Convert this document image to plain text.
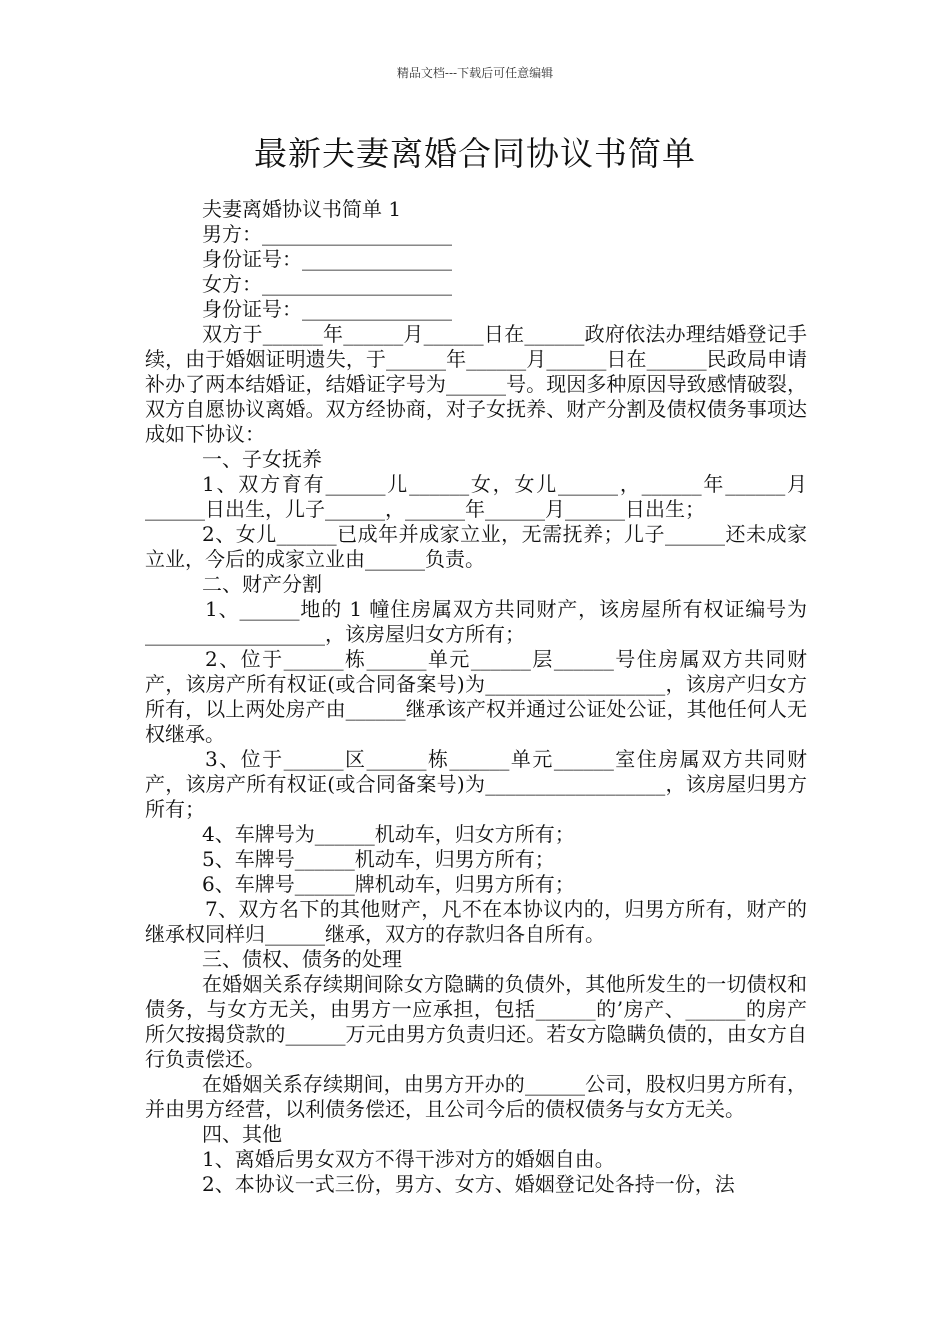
精品文档---下载后可任意编辑
最新夫妻离婚合同协议书简单

夫妻离婚协议书简单 1

男方：___________________

身份证号：_______________

女方：___________________

身份证号：_______________

双方于______年______月______日在______政府依法办理结婚登记手续，由于婚姻证明遗失，于______年______月______日在______民政局申请补办了两本结婚证，结婚证字号为______号。现因多种原因导致感情破裂，双方自愿协议离婚。双方经协商，对子女抚养、财产分割及债权债务事项达成如下协议：

一、子女抚养

1、双方育有______儿______女，女儿______，______年______月______日出生，儿子______，______年______月______日出生；

2、女儿______已成年并成家立业，无需抚养；儿子______还未成家立业，今后的成家立业由______负责。

二、财产分割

1、______地的 1 幢住房属双方共同财产，该房屋所有权证编号为__________________，该房屋归女方所有；

2、位于______栋______单元______层______号住房属双方共同财产，该房产所有权证(或合同备案号)为__________________，该房产归女方所有，以上两处房产由______继承该产权并通过公证处公证，其他任何人无权继承。

3、位于______区______栋______单元______室住房属双方共同财产，该房产所有权证(或合同备案号)为__________________，该房屋归男方所有；

4、车牌号为______机动车，归女方所有；

5、车牌号______机动车，归男方所有；

6、车牌号______牌机动车，归男方所有；

7、双方名下的其他财产，凡不在本协议内的，归男方所有，财产的继承权同样归______继承，双方的存款归各自所有。

三、债权、债务的处理

在婚姻关系存续期间除女方隐瞒的负债外，其他所发生的一切债权和债务，与女方无关，由男方一应承担，包括______的’房产、______的房产所欠按揭贷款的______万元由男方负责归还。若女方隐瞒负债的，由女方自行负责偿还。

在婚姻关系存续期间，由男方开办的______公司，股权归男方所有，并由男方经营，以利债务偿还，且公司今后的债权债务与女方无关。

四、其他

1、离婚后男女双方不得干涉对方的婚姻自由。

2、本协议一式三份，男方、女方、婚姻登记处各持一份，法
